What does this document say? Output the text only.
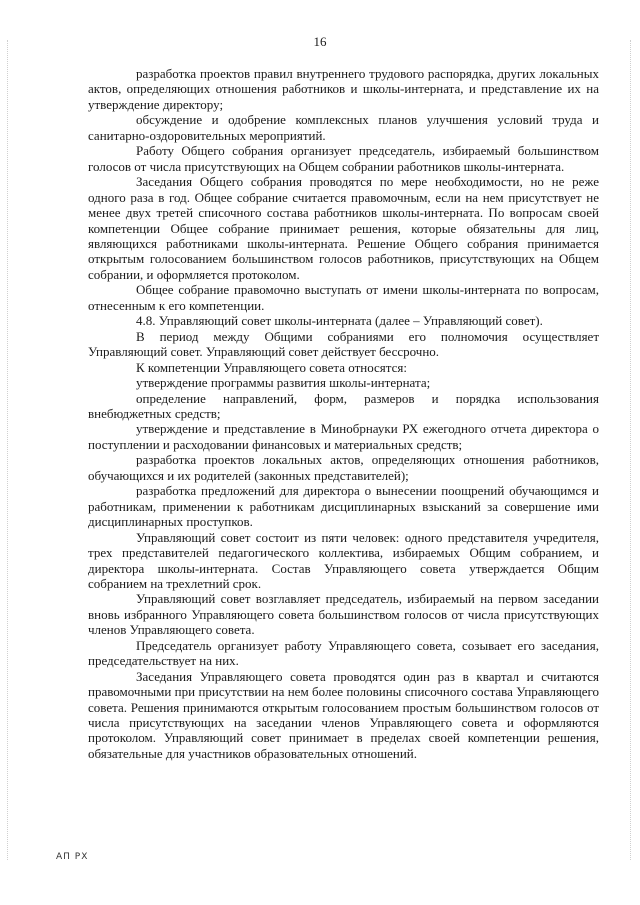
16

разработка проектов правил внутреннего трудового распорядка, других локальных актов, определяющих отношения работников и школы-интерната, и представление их на утверждение директору;

обсуждение и одобрение комплексных планов улучшения условий труда и санитарно-оздоровительных мероприятий.

Работу Общего собрания организует председатель, избираемый большинством голосов от числа присутствующих на Общем собрании работников школы-интерната.

Заседания Общего собрания проводятся по мере необходимости, но не реже одного раза в год. Общее собрание считается правомочным, если на нем присутствует не менее двух третей списочного состава работников школы-интерната. По вопросам своей компетенции Общее собрание принимает решения, которые обязательны для лиц, являющихся работниками школы-интерната. Решение Общего собрания принимается открытым голосованием большинством голосов работников, присутствующих на Общем собрании, и оформляется протоколом.

Общее собрание правомочно выступать от имени школы-интерната по вопросам, отнесенным к его компетенции.

4.8. Управляющий совет школы-интерната (далее – Управляющий совет).

В период между Общими собраниями его полномочия осуществляет Управляющий совет. Управляющий совет действует бессрочно.

К компетенции Управляющего совета относятся:

утверждение программы развития школы-интерната;

определение направлений, форм, размеров и порядка использования внебюджетных средств;

утверждение и представление в Минобрнауки РХ ежегодного отчета директора о поступлении и расходовании финансовых и материальных средств;

разработка проектов локальных актов, определяющих отношения работников, обучающихся и их родителей (законных представителей);

разработка предложений для директора о вынесении поощрений обучающимся и работникам, применении к работникам дисциплинарных взысканий за совершение ими дисциплинарных проступков.

Управляющий совет состоит из пяти человек: одного представителя учредителя, трех представителей педагогического коллектива, избираемых Общим собранием, и директора школы-интерната. Состав Управляющего совета утверждается Общим собранием на трехлетний срок.

Управляющий совет возглавляет председатель, избираемый на первом заседании вновь избранного Управляющего совета большинством голосов от числа присутствующих членов Управляющего совета.

Председатель организует работу Управляющего совета, созывает его заседания, председательствует на них.

Заседания Управляющего совета проводятся один раз в квартал и считаются правомочными при присутствии на нем более половины списочного состава Управляющего совета. Решения принимаются открытым голосованием простым большинством голосов от числа присутствующих на заседании членов Управляющего совета и оформляются протоколом. Управляющий совет принимает в пределах своей компетенции решения, обязательные для участников образовательных отношений.

АП РХ
